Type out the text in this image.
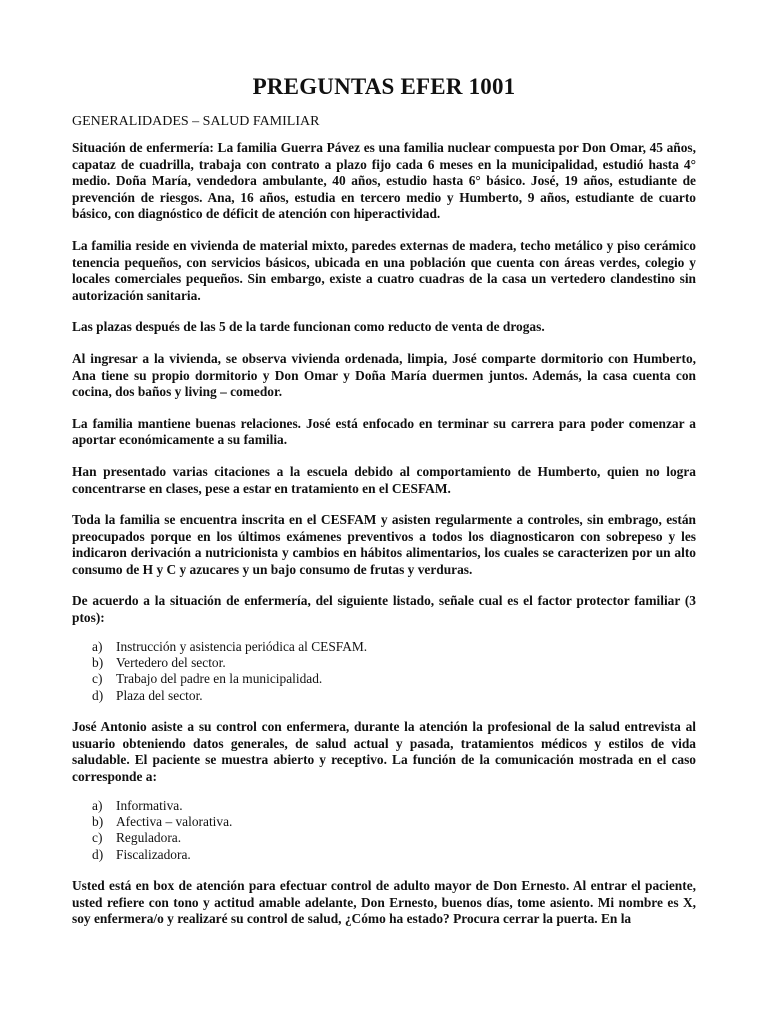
PREGUNTAS EFER 1001
GENERALIDADES – SALUD FAMILIAR

Situación de enfermería: La familia Guerra Pávez es una familia nuclear compuesta por Don Omar, 45 años, capataz de cuadrilla, trabaja con contrato a plazo fijo cada 6 meses en la municipalidad, estudió hasta 4° medio. Doña María, vendedora ambulante, 40 años, estudio hasta 6° básico. José, 19 años, estudiante de prevención de riesgos. Ana, 16 años, estudia en tercero medio y Humberto, 9 años, estudiante de cuarto básico, con diagnóstico de déficit de atención con hiperactividad.

La familia reside en vivienda de material mixto, paredes externas de madera, techo metálico y piso cerámico tenencia pequeños, con servicios básicos, ubicada en una población que cuenta con áreas verdes, colegio y locales comerciales pequeños. Sin embargo, existe a cuatro cuadras de la casa un vertedero clandestino sin autorización sanitaria.

Las plazas después de las 5 de la tarde funcionan como reducto de venta de drogas.

Al ingresar a la vivienda, se observa vivienda ordenada, limpia, José comparte dormitorio con Humberto, Ana tiene su propio dormitorio y Don Omar y Doña María duermen juntos. Además, la casa cuenta con cocina, dos baños y living – comedor.

La familia mantiene buenas relaciones. José está enfocado en terminar su carrera para poder comenzar a aportar económicamente a su familia.

Han presentado varias citaciones a la escuela debido al comportamiento de Humberto, quien no logra concentrarse en clases, pese a estar en tratamiento en el CESFAM.

Toda la familia se encuentra inscrita en el CESFAM y asisten regularmente a controles, sin embrago, están preocupados porque en los últimos exámenes preventivos a todos los diagnosticaron con sobrepeso y les indicaron derivación a nutricionista y cambios en hábitos alimentarios, los cuales se caracterizen por un alto consumo de H y C y azucares y un bajo consumo de frutas y verduras.

De acuerdo a la situación de enfermería, del siguiente listado, señale cual es el factor protector familiar (3 ptos):

a)	Instrucción y asistencia periódica al CESFAM.
b) Vertedero del sector.
c)	Trabajo del padre en la municipalidad.
d) Plaza del sector.

José Antonio asiste a su control con enfermera, durante la atención la profesional de la salud entrevista al usuario obteniendo datos generales, de salud actual y pasada, tratamientos médicos y estilos de vida saludable. El paciente se muestra abierto y receptivo. La función de la comunicación mostrada en el caso corresponde a:

a)	Informativa.
b) Afectiva – valorativa.
c)	Reguladora.
d) Fiscalizadora.

Usted está en box de atención para efectuar control de adulto mayor de Don Ernesto. Al entrar el paciente, usted refiere con tono y actitud amable adelante, Don Ernesto, buenos días, tome asiento. Mi nombre es X, soy enfermera/o y realizaré su control de salud, ¿Cómo ha estado? Procura cerrar la puerta. En la
